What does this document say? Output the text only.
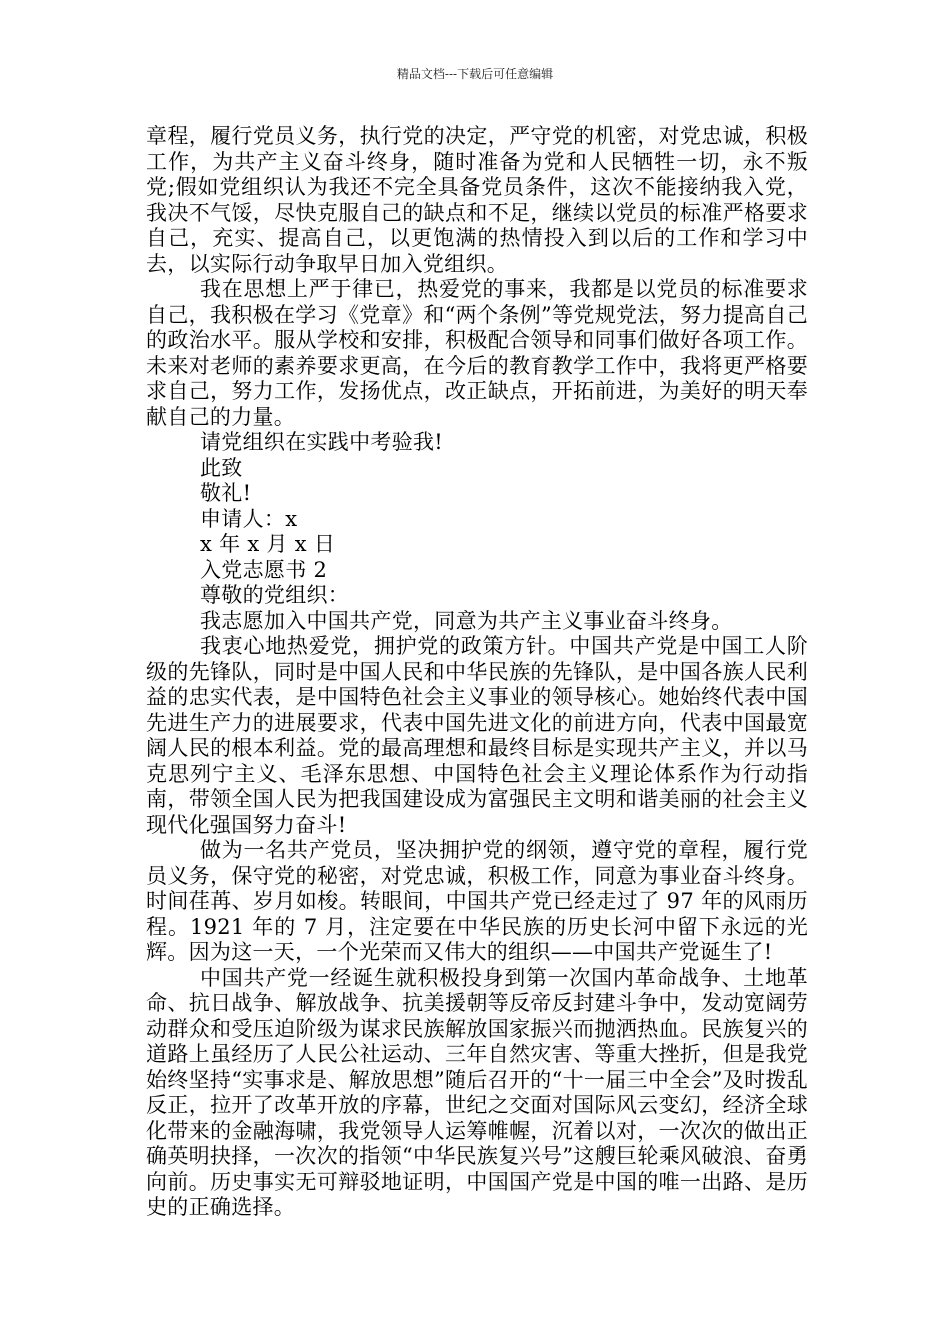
精品文档---下载后可任意编辑

章程，履行党员义务，执行党的决定，严守党的机密，对党忠诚，积极工作，为共产主义奋斗终身，随时准备为党和人民牺牲一切，永不叛党;假如党组织认为我还不完全具备党员条件，这次不能接纳我入党，我决不气馁，尽快克服自己的缺点和不足，继续以党员的标准严格要求自己，充实、提高自己，以更饱满的热情投入到以后的工作和学习中去，以实际行动争取早日加入党组织。

我在思想上严于律已，热爱党的事来，我都是以党员的标准要求自己，我积极在学习《党章》和“两个条例”等党规党法，努力提高自己的政治水平。服从学校和安排，积极配合领导和同事们做好各项工作。未来对老师的素养要求更高，在今后的教育教学工作中，我将更严格要求自己，努力工作，发扬优点，改正缺点，开拓前进，为美好的明天奉献自己的力量。

请党组织在实践中考验我!

此致

敬礼!

申请人：x

x 年 x 月 x 日

入党志愿书 2

尊敬的党组织：

我志愿加入中国共产党，同意为共产主义事业奋斗终身。

我衷心地热爱党，拥护党的政策方针。中国共产党是中国工人阶级的先锋队，同时是中国人民和中华民族的先锋队，是中国各族人民利益的忠实代表，是中国特色社会主义事业的领导核心。她始终代表中国先进生产力的进展要求，代表中国先进文化的前进方向，代表中国最宽阔人民的根本利益。党的最高理想和最终目标是实现共产主义，并以马克思列宁主义、毛泽东思想、中国特色社会主义理论体系作为行动指南，带领全国人民为把我国建设成为富强民主文明和谐美丽的社会主义现代化强国努力奋斗!

做为一名共产党员，坚决拥护党的纲领，遵守党的章程，履行党员义务，保守党的秘密，对党忠诚，积极工作，同意为事业奋斗终身。时间荏苒、岁月如梭。转眼间，中国共产党已经走过了 97 年的风雨历程。1921 年的 7 月，注定要在中华民族的历史长河中留下永远的光辉。因为这一天，一个光荣而又伟大的组织——中国共产党诞生了!

中国共产党一经诞生就积极投身到第一次国内革命战争、土地革命、抗日战争、解放战争、抗美援朝等反帝反封建斗争中，发动宽阔劳动群众和受压迫阶级为谋求民族解放国家振兴而抛洒热血。民族复兴的道路上虽经历了人民公社运动、三年自然灾害、等重大挫折，但是我党始终坚持“实事求是、解放思想”随后召开的“十一届三中全会”及时拨乱反正，拉开了改革开放的序幕，世纪之交面对国际风云变幻，经济全球化带来的金融海啸，我党领导人运筹帷幄，沉着以对，一次次的做出正确英明抉择，一次次的指领“中华民族复兴号”这艘巨轮乘风破浪、奋勇向前。历史事实无可辩驳地证明，中国国产党是中国的唯一出路、是历史的正确选择。
